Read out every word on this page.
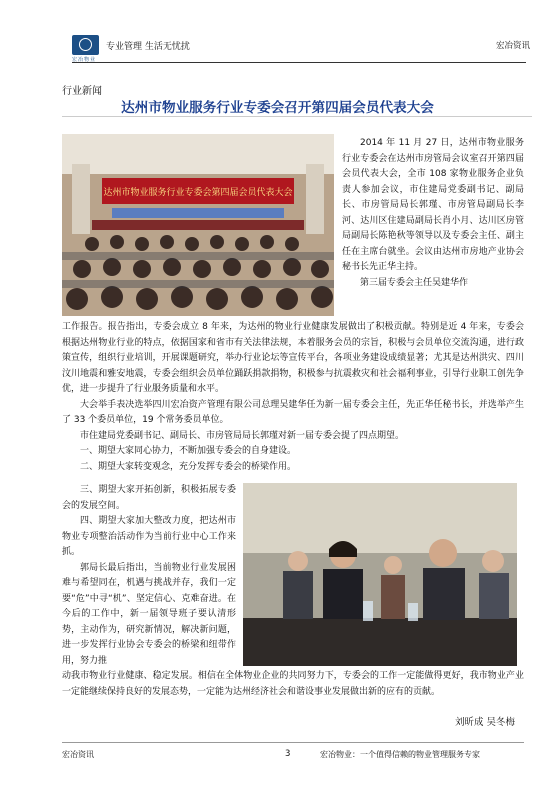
宏冶物业
专业管理 生活无忧扰	宏冶资讯
行业新闻
达州市物业服务行业专委会召开第四届会员代表大会
达州市物业服务行业专委会第四届会员代表大会

2014 年 11 月 27 日，达州市物业服务行业专委会在达州市房管局会议室召开第四届会员代表大会，全市 108 家物业服务企业负责人参加会议，市住建局党委副书记、副局长、市房管局局长郭瑾、市房管局副局长李河、达川区住建局副局长肖小月、达川区房管局副局长陈艳秋等领导以及专委会主任、副主任在主席台就坐。会议由达州市房地产业协会秘书长先正华主持。

第三届专委会主任吴建华作

工作报告。报告指出，专委会成立 8 年来，为达州的物业行业健康发展做出了积极贡献。特别是近 4 年来，专委会根据达州物业行业的特点，依据国家和省市有关法律法规，本着服务会员的宗旨，积极与会员单位交流沟通，进行政策宣传，组织行业培训，开展课题研究，举办行业论坛等宣传平台，各项业务建设成绩显著；尤其是达州洪灾、四川汶川地震和雅安地震，专委会组织会员单位踊跃捐款捐物，积极参与抗震救灾和社会福利事业，引导行业职工创先争优，进一步提升了行业服务质量和水平。

大会举手表决选举四川宏冶资产管理有限公司总理吴建华任为新一届专委会主任，先正华任秘书长，并选举产生了 33 个委员单位，19 个常务委员单位。

市住建局党委副书记、副局长、市房管局局长郭瑾对新一届专委会提了四点期望。

一、期望大家同心协力，不断加强专委会的自身建设。

二、期望大家转变观念，充分发挥专委会的桥梁作用。

三、期望大家开拓创新，积极拓展专委会的发展空间。

四、期望大家加大整改力度，把达州市物业专项整治活动作为当前行业中心工作来抓。

郭局长最后指出，当前物业行业发展困难与希望同在，机遇与挑战并存，我们一定要“危”中寻“机”、坚定信心、克难奋进。在今后的工作中，新一届领导班子要认清形势，主动作为，研究新情况，解决新问题，进一步发挥行业协会专委会的桥梁和纽带作用，努力推

动我市物业行业健康、稳定发展。相信在全体物业企业的共同努力下，专委会的工作一定能做得更好，我市物业产业一定能继续保持良好的发展态势，一定能为达州经济社会和谐设事业发展做出新的应有的贡献。

刘昕成 吴冬梅
宏冶资讯	3	宏冶物业：一个值得信赖的物业管理服务专家
